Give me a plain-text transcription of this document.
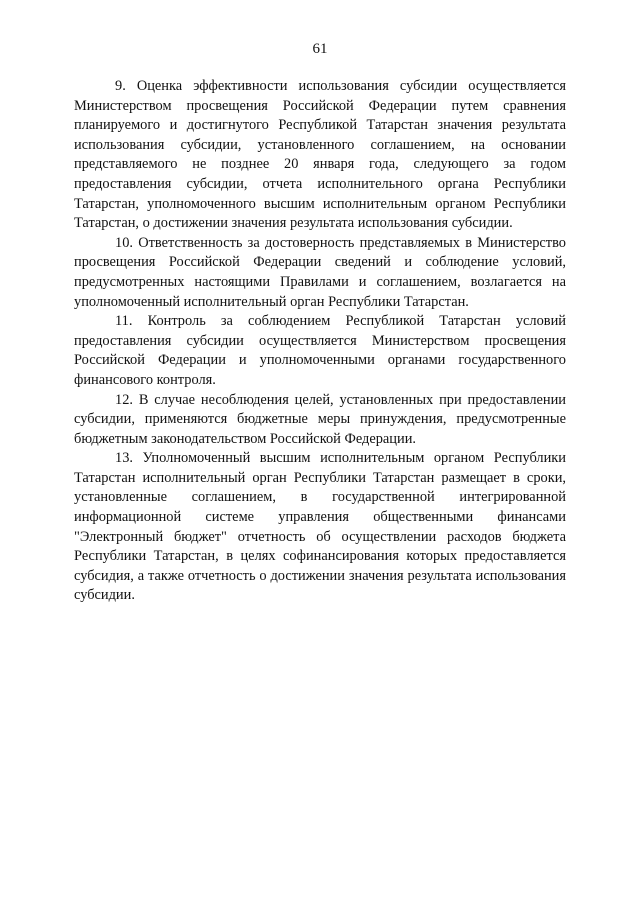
61

9. Оценка эффективности использования субсидии осуществляется Министерством просвещения Российской Федерации путем сравнения планируемого и достигнутого Республикой Татарстан значения результата использования субсидии, установленного соглашением, на основании представляемого не позднее 20 января года, следующего за годом предоставления субсидии, отчета исполнительного органа Республики Татарстан, уполномоченного высшим исполнительным органом Республики Татарстан, о достижении значения результата использования субсидии.

10. Ответственность за достоверность представляемых в Министерство просвещения Российской Федерации сведений и соблюдение условий, предусмотренных настоящими Правилами и соглашением, возлагается на уполномоченный исполнительный орган Республики Татарстан.

11. Контроль за соблюдением Республикой Татарстан условий предоставления субсидии осуществляется Министерством просвещения Российской Федерации и уполномоченными органами государственного финансового контроля.

12. В случае несоблюдения целей, установленных при предоставлении субсидии, применяются бюджетные меры принуждения, предусмотренные бюджетным законодательством Российской Федерации.

13. Уполномоченный высшим исполнительным органом Республики Татарстан исполнительный орган Республики Татарстан размещает в сроки, установленные соглашением, в государственной интегрированной информационной системе управления общественными финансами "Электронный бюджет" отчетность об осуществлении расходов бюджета Республики Татарстан, в целях софинансирования которых предоставляется субсидия, а также отчетность о достижении значения результата использования субсидии.
